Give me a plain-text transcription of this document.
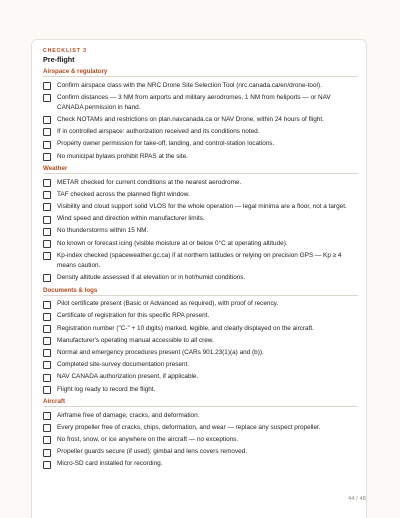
CHECKLIST 3
Pre-flight
Airspace & regulatory
Confirm airspace class with the NRC Drone Site Selection Tool (nrc.canada.ca/en/drone-tool).
Confirm distances — 3 NM from airports and military aerodromes, 1 NM from heliports — or NAV CANADA permission in hand.
Check NOTAMs and restrictions on plan.navcanada.ca or NAV Drone, within 24 hours of flight.
If in controlled airspace: authorization received and its conditions noted.
Property owner permission for take-off, landing, and control-station locations.
No municipal bylaws prohibit RPAS at the site.
Weather
METAR checked for current conditions at the nearest aerodrome.
TAF checked across the planned flight window.
Visibility and cloud support solid VLOS for the whole operation — legal minima are a floor, not a target.
Wind speed and direction within manufacturer limits.
No thunderstorms within 15 NM.
No known or forecast icing (visible moisture at or below 0°C at operating altitude).
Kp-index checked (spaceweather.gc.ca) if at northern latitudes or relying on precision GPS — Kp ≥ 4 means caution.
Density altitude assessed if at elevation or in hot/humid conditions.
Documents & logs
Pilot certificate present (Basic or Advanced as required), with proof of recency.
Certificate of registration for this specific RPA present.
Registration number ("C-" + 10 digits) marked, legible, and clearly displayed on the aircraft.
Manufacturer's operating manual accessible to all crew.
Normal and emergency procedures present (CARs 901.23(1)(a) and (b)).
Completed site-survey documentation present.
NAV CANADA authorization present, if applicable.
Flight log ready to record the flight.
Aircraft
Airframe free of damage, cracks, and deformation.
Every propeller free of cracks, chips, deformation, and wear — replace any suspect propeller.
No frost, snow, or ice anywhere on the aircraft — no exceptions.
Propeller guards secure (if used); gimbal and lens covers removed.
Micro-SD card installed for recording.
44 / 48
